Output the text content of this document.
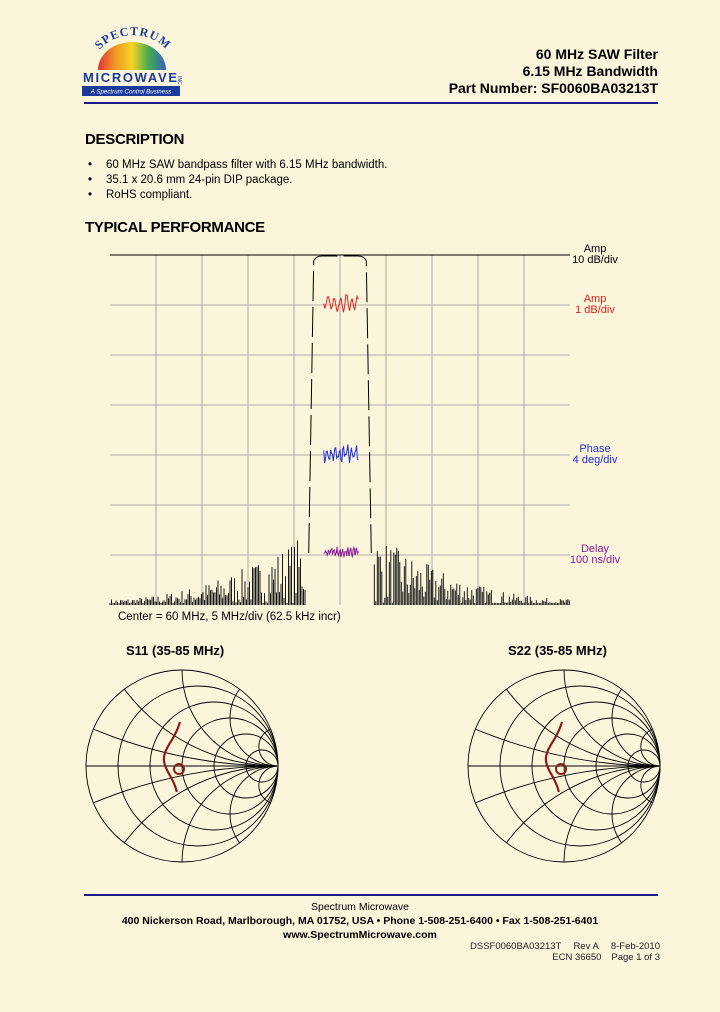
SPECTRUM
MICROWAVE INC.
A Spectrum Control Business
60 MHz SAW Filter
6.15 MHz Bandwidth
Part Number: SF0060BA03213T
DESCRIPTION
• 60 MHz SAW bandpass filter with 6.15 MHz bandwidth.
• 35.1 x 20.6 mm 24-pin DIP package.
• RoHS compliant.
TYPICAL PERFORMANCE
Amp
10 dB/div
Amp
1 dB/div
Phase
4 deg/div
Delay
100 ns/div
Center = 60 MHz, 5 MHz/div (62.5 kHz incr)
S11 (35-85 MHz)	S22 (35-85 MHz)
Spectrum Microwave
400 Nickerson Road, Marlborough, MA 01752, USA • Phone 1-508-251-6400 • Fax 1-508-251-6401
www.SpectrumMicrowave.com
DSSF0060BA03213T Rev A 8-Feb-2010
ECN 36650 Page 1 of 3
